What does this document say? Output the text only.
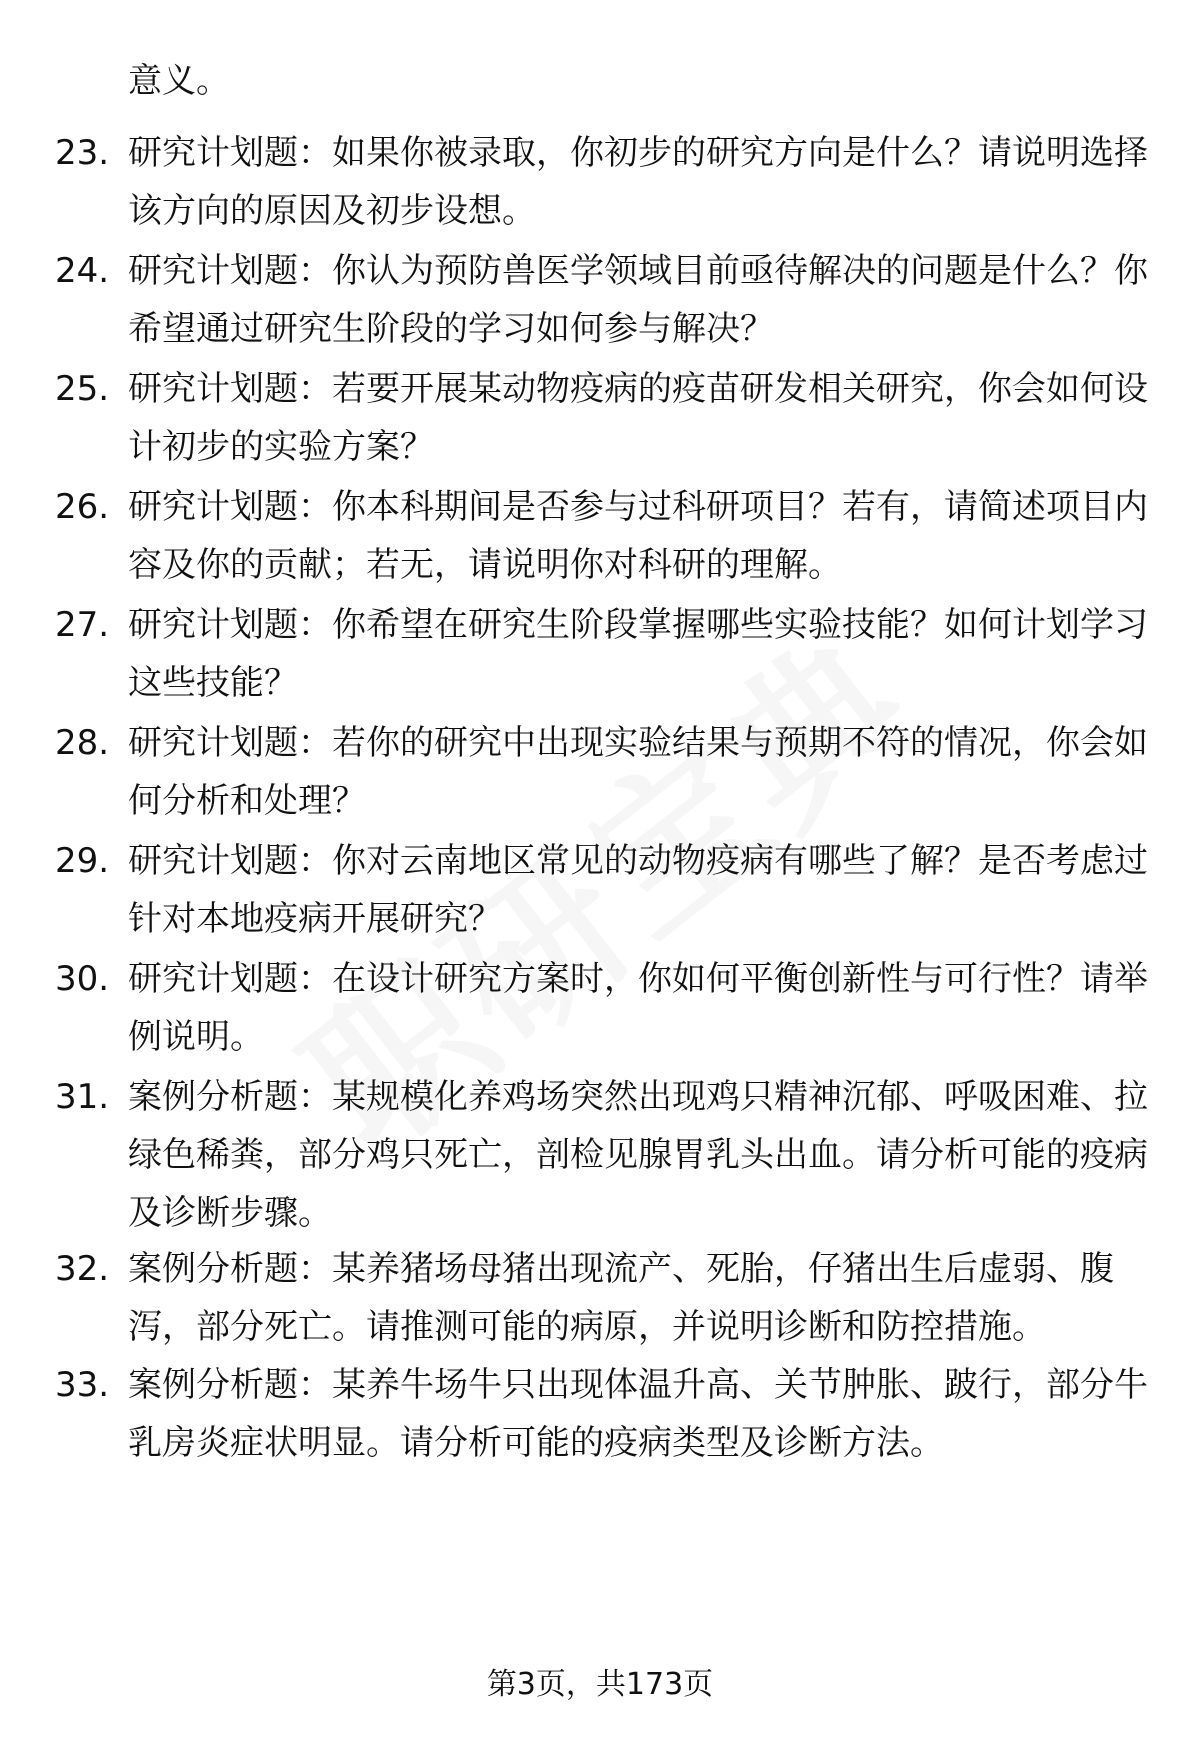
意义。

23. 研究计划题：如果你被录取，你初步的研究方向是什么？请说明选择该方向的原因及初步设想。

24. 研究计划题：你认为预防兽医学领域目前亟待解决的问题是什么？你希望通过研究生阶段的学习如何参与解决？

25. 研究计划题：若要开展某动物疫病的疫苗研发相关研究，你会如何设计初步的实验方案？

26. 研究计划题：你本科期间是否参与过科研项目？若有，请简述项目内容及你的贡献；若无，请说明你对科研的理解。

27. 研究计划题：你希望在研究生阶段掌握哪些实验技能？如何计划学习这些技能？

28. 研究计划题：若你的研究中出现实验结果与预期不符的情况，你会如何分析和处理？

29. 研究计划题：你对云南地区常见的动物疫病有哪些了解？是否考虑过针对本地疫病开展研究？

30. 研究计划题：在设计研究方案时，你如何平衡创新性与可行性？请举例说明。

31. 案例分析题：某规模化养鸡场突然出现鸡只精神沉郁、呼吸困难、拉绿色稀粪，部分鸡只死亡，剖检见腺胃乳头出血。请分析可能的疫病及诊断步骤。

32. 案例分析题：某养猪场母猪出现流产、死胎，仔猪出生后虚弱、腹泻，部分死亡。请推测可能的病原，并说明诊断和防控措施。

33. 案例分析题：某养牛场牛只出现体温升高、关节肿胀、跛行，部分牛乳房炎症状明显。请分析可能的疫病类型及诊断方法。

第3页，共173页
